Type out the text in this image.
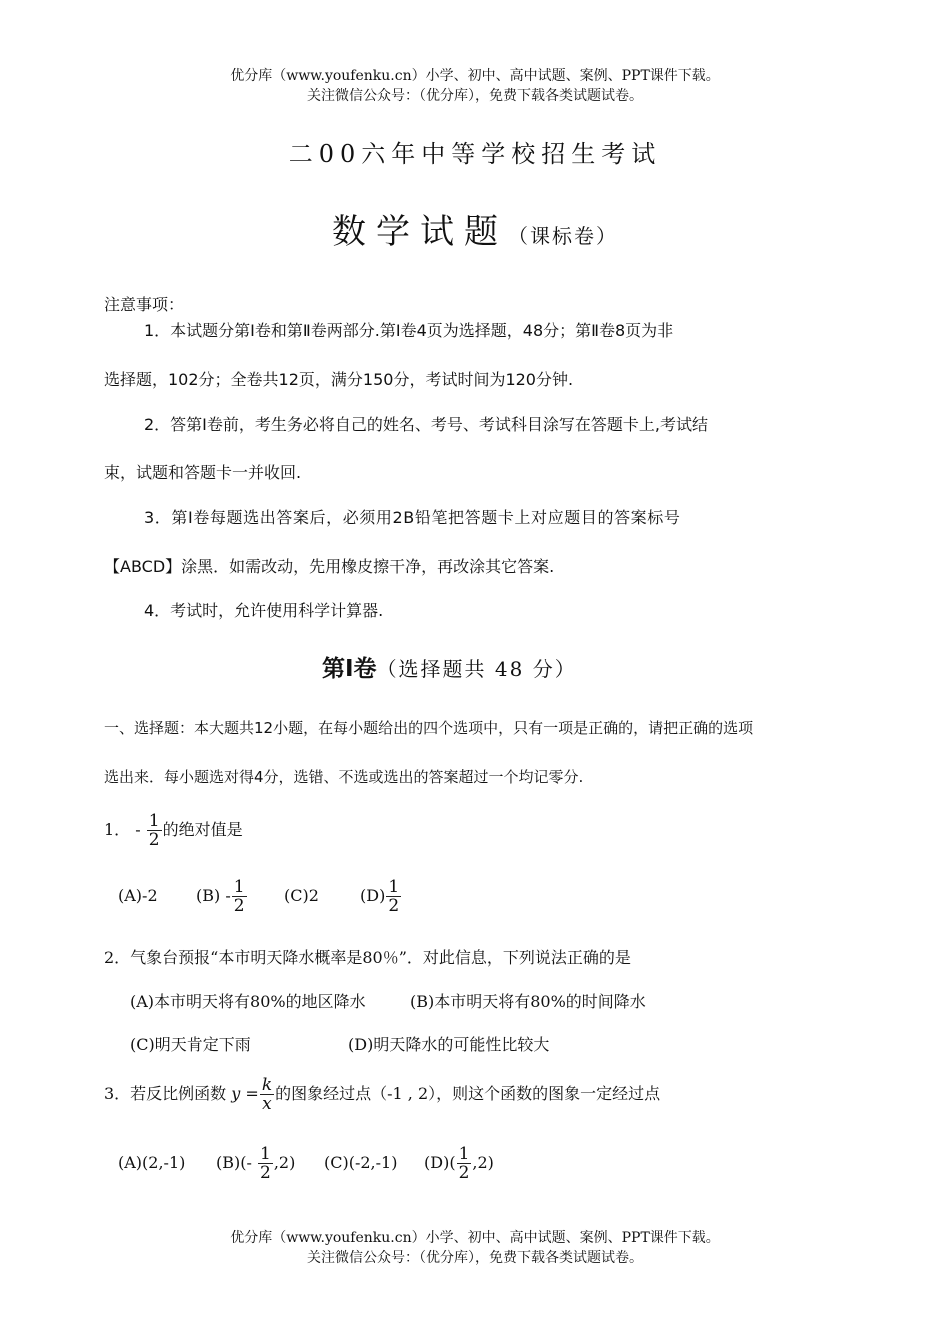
优分库（www.youfenku.cn）小学、初中、高中试题、案例、PPT课件下载。
关注微信公众号：（优分库），免费下载各类试题试卷。
二00六年中等学校招生考试
数学试题（课标卷）
注意事项：
1．本试题分第Ⅰ卷和第Ⅱ卷两部分.第Ⅰ卷4页为选择题，48分；第Ⅱ卷8页为非
选择题，102分；全卷共12页，满分150分，考试时间为120分钟.
2．答第Ⅰ卷前，考生务必将自己的姓名、考号、考试科目涂写在答题卡上,考试结
束，试题和答题卡一并收回.
3．第Ⅰ卷每题选出答案后，必须用2B铅笔把答题卡上对应题目的答案标号
【ABCD】涂黑．如需改动，先用橡皮擦干净，再改涂其它答案.
4．考试时，允许使用科学计算器.
第Ⅰ卷（选择题共 48 分）
一、选择题：本大题共12小题，在每小题给出的四个选项中，只有一项是正确的，请把正确的选项
选出来．每小题选对得4分，选错、不选或选出的答案超过一个均记零分.
1． - $\frac{1}{2}$ 的绝对值是
(A)-2 $(B) - \frac{1}{2} (C)2$	$(D) \frac{1}{2}$
2．气象台预报“本市明天降水概率是80％”．对此信息，下列说法正确的是
(A)本市明天将有80%的地区降水	(B)本市明天将有80%的时间降水
(C)明天肯定下雨	(D)明天降水的可能性比较大
3．若反比例函数 $y = \frac{k}{x}$ 的图象经过点（-1 , 2），则这个函数的图象一定经过点
(A)(2,-1) $(B)(- \frac{1}{2} ,2)$ (C)(-2,-1) $(D)( \frac{1}{2} ,2)$
优分库（www.youfenku.cn）小学、初中、高中试题、案例、PPT课件下载。
关注微信公众号：（优分库），免费下载各类试题试卷。
